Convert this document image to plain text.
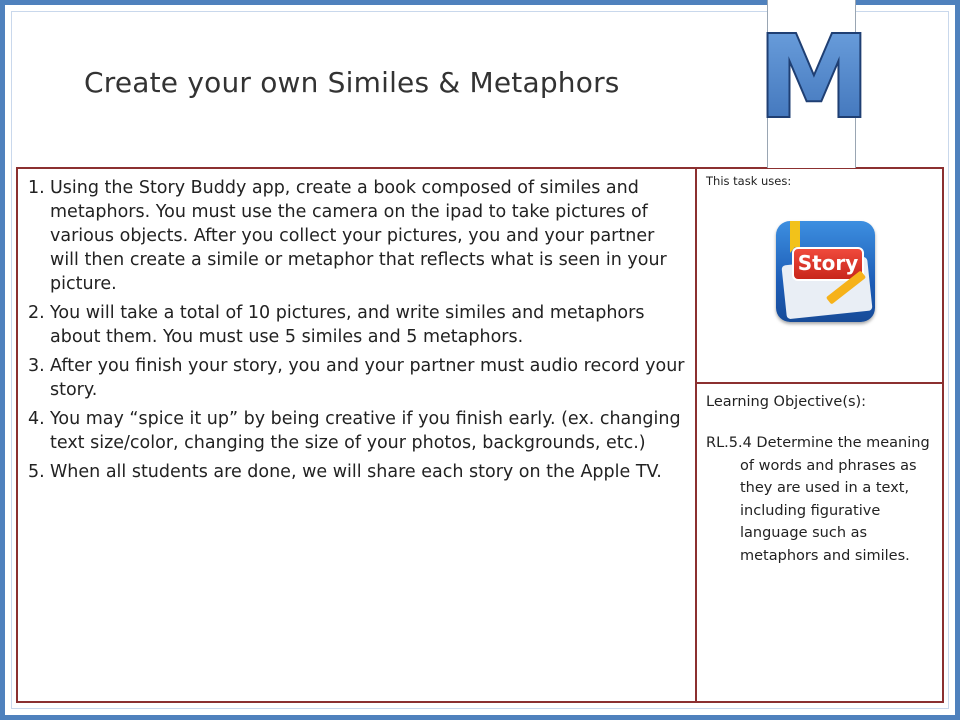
Create your own Similes & Metaphors M
1. Using the Story Buddy app, create a book composed of similes and metaphors. You must use the camera on the ipad to take pictures of various objects. After you collect your pictures, you and your partner will then create a simile or metaphor that reflects what is seen in your picture.
2. You will take a total of 10 pictures, and write similes and metaphors about them. You must use 5 similes and 5 metaphors.
3. After you finish your story, you and your partner must audio record your story.
4. You may “spice it up” by being creative if you finish early. (ex. changing text size/color, changing the size of your photos, backgrounds, etc.)
5. When all students are done, we will share each story on the Apple TV.
This task uses:
Story
Learning Objective(s):
RL.5.4 Determine the meaning of words and phrases as they are used in a text, including figurative language such as metaphors and similes.
